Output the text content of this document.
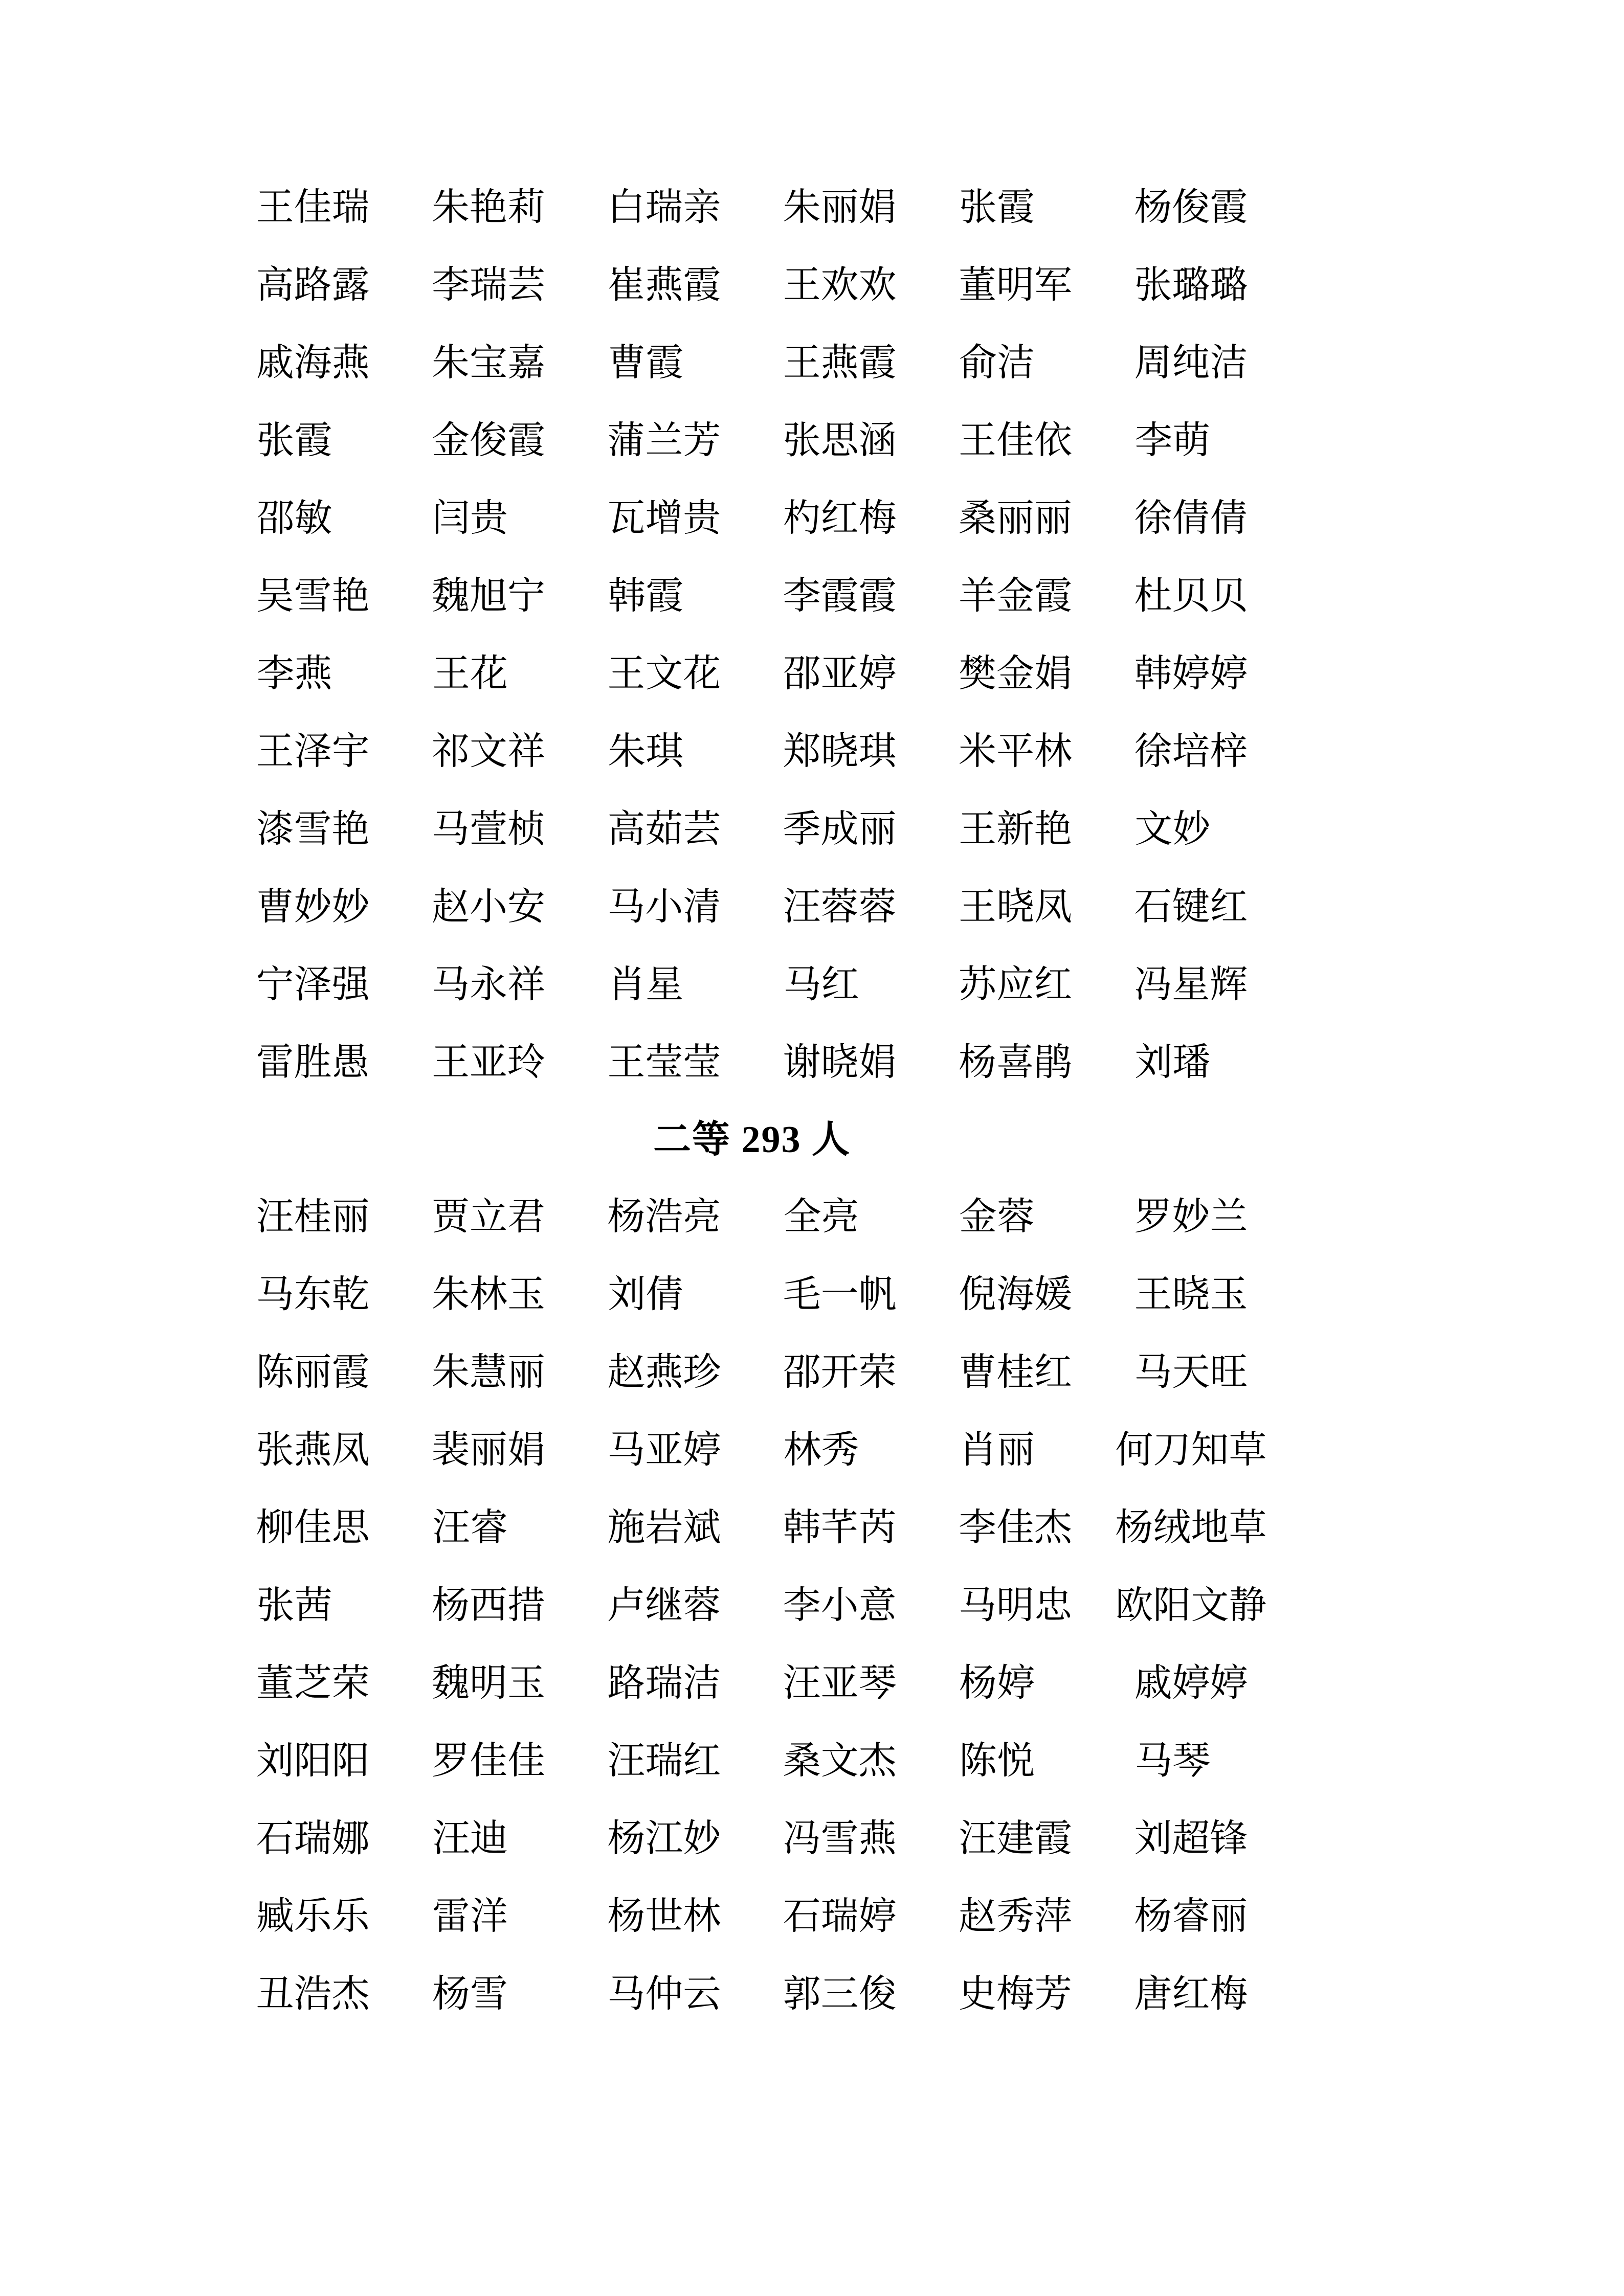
王佳瑞	朱艳莉	白瑞亲	朱丽娟	张霞	杨俊霞
高路露	李瑞芸	崔燕霞	王欢欢	董明军	张璐璐
戚海燕	朱宝嘉	曹霞	王燕霞	俞洁	周纯洁
张霞	金俊霞	蒲兰芳	张思涵	王佳依	李萌
邵敏	闫贵	瓦增贵	杓红梅	桑丽丽	徐倩倩
吴雪艳	魏旭宁	韩霞	李霞霞	羊金霞	杜贝贝
李燕	王花	王文花	邵亚婷	樊金娟	韩婷婷
王泽宇	祁文祥	朱琪	郑晓琪	米平林	徐培梓
漆雪艳	马萱桢	高茹芸	季成丽	王新艳	文妙
曹妙妙	赵小安	马小清	汪蓉蓉	王晓凤	石键红
宁泽强	马永祥	肖星	马红	苏应红	冯星辉
雷胜愚	王亚玲	王莹莹	谢晓娟	杨喜鹃	刘璠
二等 293 人
汪桂丽	贾立君	杨浩亮	全亮	金蓉	罗妙兰
马东乾	朱林玉	刘倩	毛一帆	倪海媛	王晓玉
陈丽霞	朱慧丽	赵燕珍	邵开荣	曹桂红	马天旺
张燕凤	裴丽娟	马亚婷	林秀	肖丽	何刀知草
柳佳思	汪睿	施岩斌	韩芊芮	李佳杰	杨绒地草
张茜	杨西措	卢继蓉	李小意	马明忠	欧阳文静
董芝荣	魏明玉	路瑞洁	汪亚琴	杨婷	戚婷婷
刘阳阳	罗佳佳	汪瑞红	桑文杰	陈悦	马琴
石瑞娜	汪迪	杨江妙	冯雪燕	汪建霞	刘超锋
臧乐乐	雷洋	杨世林	石瑞婷	赵秀萍	杨睿丽
丑浩杰	杨雪	马仲云	郭三俊	史梅芳	唐红梅
